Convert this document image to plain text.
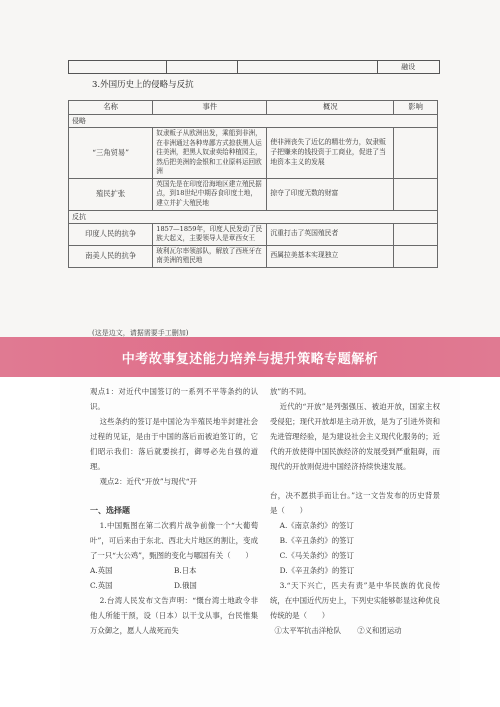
融设
3.外国历史上的侵略与反抗
名称	事件	概况	影响
侵略			
“三角贸易”	奴隶贩子从欧洲出发，乘船到非洲，在非洲通过各种卑鄙方式掠获黑人运往美洲，把黑人奴隶卖给种植园主，然后把美洲的金银和工业原料运回欧洲	使非洲丧失了近亿的精壮劳力，奴隶贩子把赚来的钱投资于工商业，促进了当地资本主义的发展	
殖民扩张	英国先是在印度沿海地区建立殖民据点，到18世纪中期吞食印度土地，建立并扩大殖民地	掠夺了印度无数的财富	
反抗			
印度人民的抗争	1857—1859年，印度人民发动了民族大起义，主要领导人是章西女王	沉重打击了英国殖民者	
南美人民的抗争	玻利瓦尔率领部队，解放了西班牙在南美洲的殖民地	西属拉美基本实现独立	
(这是边文，请据需要手工删加)
中考故事复述能力培养与提升策略专题解析

观点1：对近代中国签订的一系列不平等条约的认识。

这些条约的签订是中国沦为半殖民地半封建社会过程的见证，是由于中国的落后而被迫签订的，它们昭示我们：落后就要挨打，御辱必先自强的道理。

观点2：近代“开放”与现代“开

一、选择题

1.中国甄图在第二次鸦片战争前像一个“大葡萄叶”，可后来由于东北、西北大片地区的割让，变成了一只“大公鸡”，甄图的变化与哪国有关（　　）

A.英国	B.日本
C.英国	D.俄国

2.台湾人民发布文告声明：“慨台湾士地政令非他人所能干预，设（日本）以干戈从事，台民惟集万众御之，愿人人战死而失

放”的不同。

近代的“开放”是列强强压、被迫开放，国家主权受侵犯；现代开放却是主动开放，是为了引进外资和先进管理经验，是为建设社会主义现代化服务的；近代的开放使得中国民族经济的发展受到严重阻碍，而现代的开放则促进中国经济持续快速发展。

台，决不愿拱手而让台。”这一文告发布的历史背景是（　　）

A.《南京条约》的签订

B.《辛丑条约》的签订

C.《马关条约》的签订

D.《辛丑条约》的签订

3.“天下兴亡，匹夫有责”是中华民族的优良传统，在中国近代历史上，下列史实能够彰显这种优良传统的是（　　）

①太平军抗击洋枪队	②义和团运动
